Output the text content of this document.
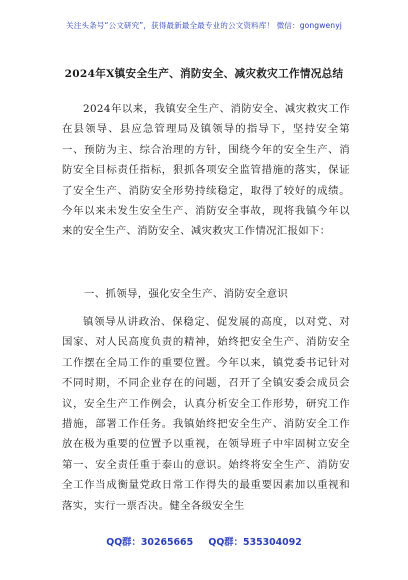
关注头条号“公文研究”，获得最新最全最专业的公文资料库！ 微信：gongwenyj
2024年X镇安全生产、消防安全、减灾救灾工作情况总结

2024年以来，我镇安全生产、消防安全、减灾救灾工作在县领导、县应急管理局及镇领导的指导下，坚持安全第一、预防为主、综合治理的方针，围绕今年的安全生产、消防安全目标责任指标，狠抓各项安全监管措施的落实，保证了安全生产、消防安全形势持续稳定，取得了较好的成绩。今年以来未发生安全生产、消防安全事故，现将我镇今年以来的安全生产、消防安全、减灾救灾工作情况汇报如下：

一、抓领导，强化安全生产、消防安全意识

镇领导从讲政治、保稳定、促发展的高度，以对党、对国家、对人民高度负责的精神，始终把安全生产、消防安全工作摆在全局工作的重要位置。今年以来，镇党委书记针对不同时期，不同企业存在的问题，召开了全镇安委会成员会议，安全生产工作例会，认真分析安全工作形势，研究工作措施，部署工作任务。我镇始终把安全生产、消防安全工作放在极为重要的位置予以重视，在领导班子中牢固树立安全第一、安全责任重于泰山的意识。始终将安全生产、消防安全工作当成衡量党政日常工作得失的最重要因素加以重视和落实，实行一票否决。健全各级安全生

QQ群：30265665 QQ群：535304092
